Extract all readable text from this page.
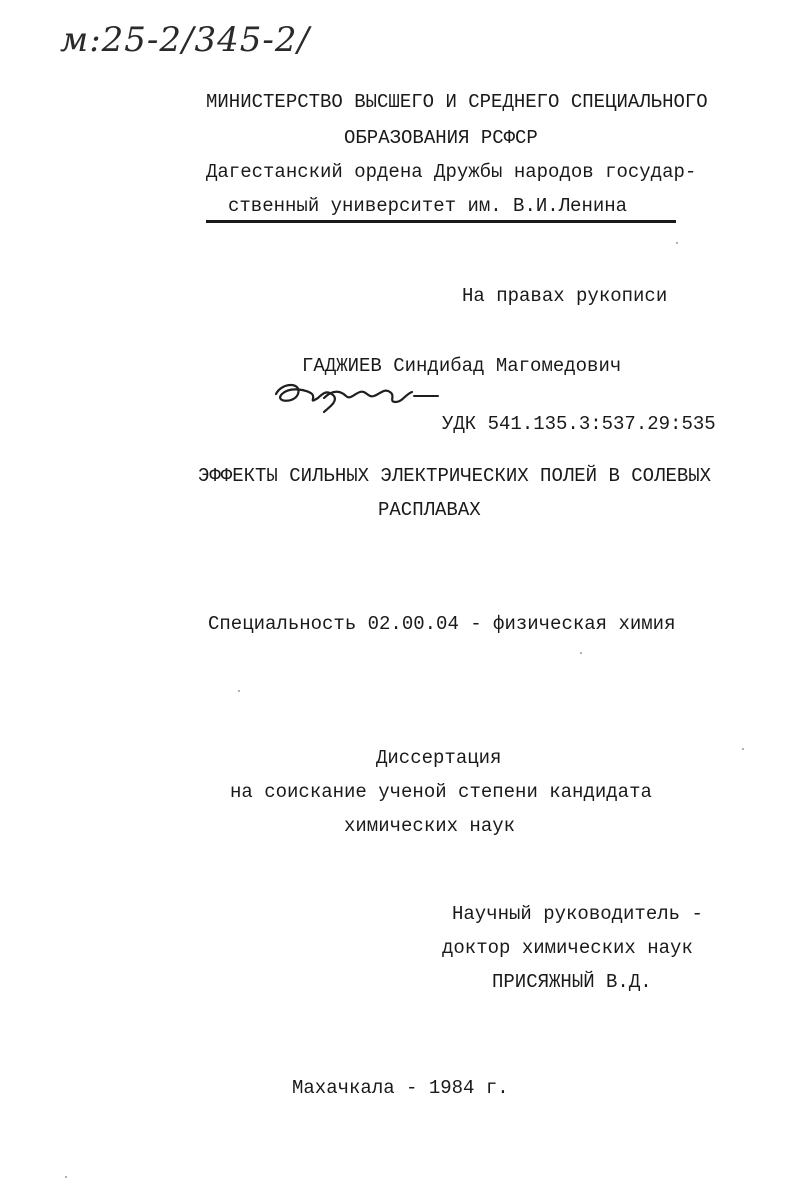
м:25-2/345-2/
МИНИСТЕРСТВО ВЫСШЕГО И СРЕДНЕГО СПЕЦИАЛЬНОГО
ОБРАЗОВАНИЯ РСФСР
Дагестанский ордена Дружбы народов государ-
ственный университет им. В.И.Ленина
На правах рукописи
ГАДЖИЕВ Синдибад Магомедович
УДК 541.135.3:537.29:535
ЭФФЕКТЫ СИЛЬНЫХ ЭЛЕКТРИЧЕСКИХ ПОЛЕЙ В СОЛЕВЫХ
РАСПЛАВАХ
Специальность 02.00.04 - физическая химия
Диссертация
на соискание ученой степени кандидата
химических наук
Научный руководитель -
доктор химических наук
ПРИСЯЖНЫЙ В.Д.
Махачкала - 1984 г.
